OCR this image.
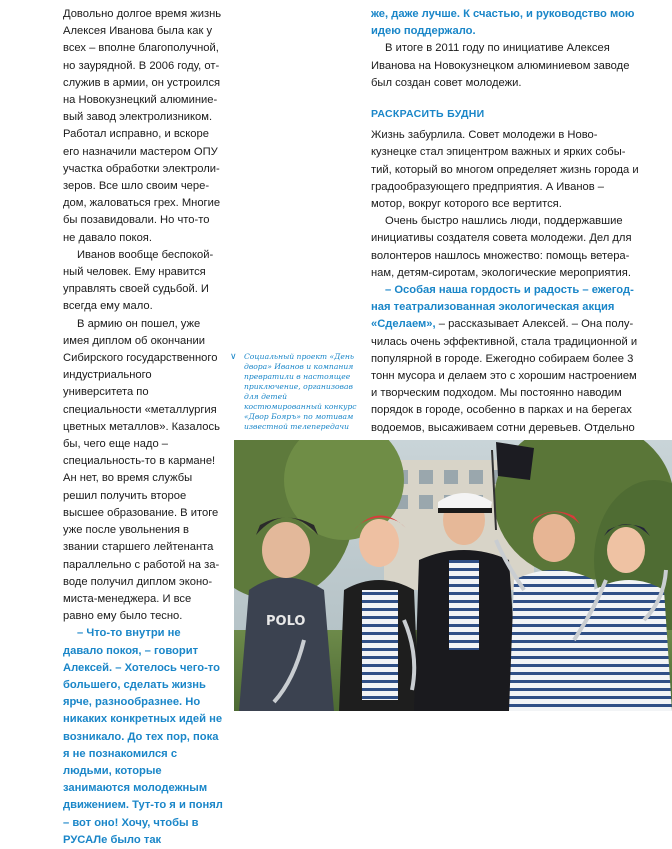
Довольно долгое время жизнь Алексея Иванова была как у всех – вполне благополучной, но заурядной. В 2006 году, отслужив в армии, он устроился на Новокузнецкий алюминиевый завод электролизником. Работал исправно, и вскоре его назначили мастером ОПУ участка обработки электролизеров. Все шло своим чередом, жаловаться грех. Многие бы позавидовали. Но что-то не давало покоя.

Иванов вообще беспокойный человек. Ему нравится управлять своей судьбой. И всегда ему мало.

В армию он пошел, уже имея диплом об окончании Сибирского государственного индустриального университета по специальности «металлургия цветных металлов». Казалось бы, чего еще надо – специальность-то в кармане! Ан нет, во время службы решил получить второе высшее образование. В итоге уже после увольнения в звании старшего лейтенанта параллельно с работой на заводе получил диплом экономиста-менеджера. И все равно ему было тесно.

– Что-то внутри не давало покоя, – говорит Алексей. – Хотелось чего-то большего, сделать жизнь ярче, разнообразнее. Но никаких конкретных идей не возникало. До тех пор, пока я не познакомился с людьми, которые занимаются молодежным движением. Тут-то я и понял – вот оно! Хочу, чтобы в РУСАЛе было так

же, даже лучше. К счастью, и руководство мою идею поддержало.

В итоге в 2011 году по инициативе Алексея Иванова на Новокузнецком алюминиевом заводе был создан совет молодежи.

РАСКРАСИТЬ БУДНИ

Жизнь забурлила. Совет молодежи в Новокузнецке стал эпицентром важных и ярких событий, который во многом определяет жизнь города и градообразующего предприятия. А Иванов – мотор, вокруг которого все вертится.

Очень быстро нашлись люди, поддержавшие инициативы создателя совета молодежи. Дел для волонтеров нашлось множество: помощь ветеранам, детям-сиротам, экологические мероприятия.

– Особая наша гордость и радость – ежегодная театрализованная экологическая акция «Сделаем», – рассказывает Алексей. – Она получилась очень эффективной, стала традиционной и популярной в городе. Ежегодно собираем более 3 тонн мусора и делаем это с хорошим настроением и творческим подходом. Мы постоянно наводим порядок в городе, особенно в парках и на берегах водоемов, высаживаем сотни деревьев. Отдельно

∨ Социальный проект «День двора» Иванов и компания превратили в настоящее приключение, организовав для детей костюмированный конкурс «Двор Бояръ» по мотивам известной телепередачи
POLO
